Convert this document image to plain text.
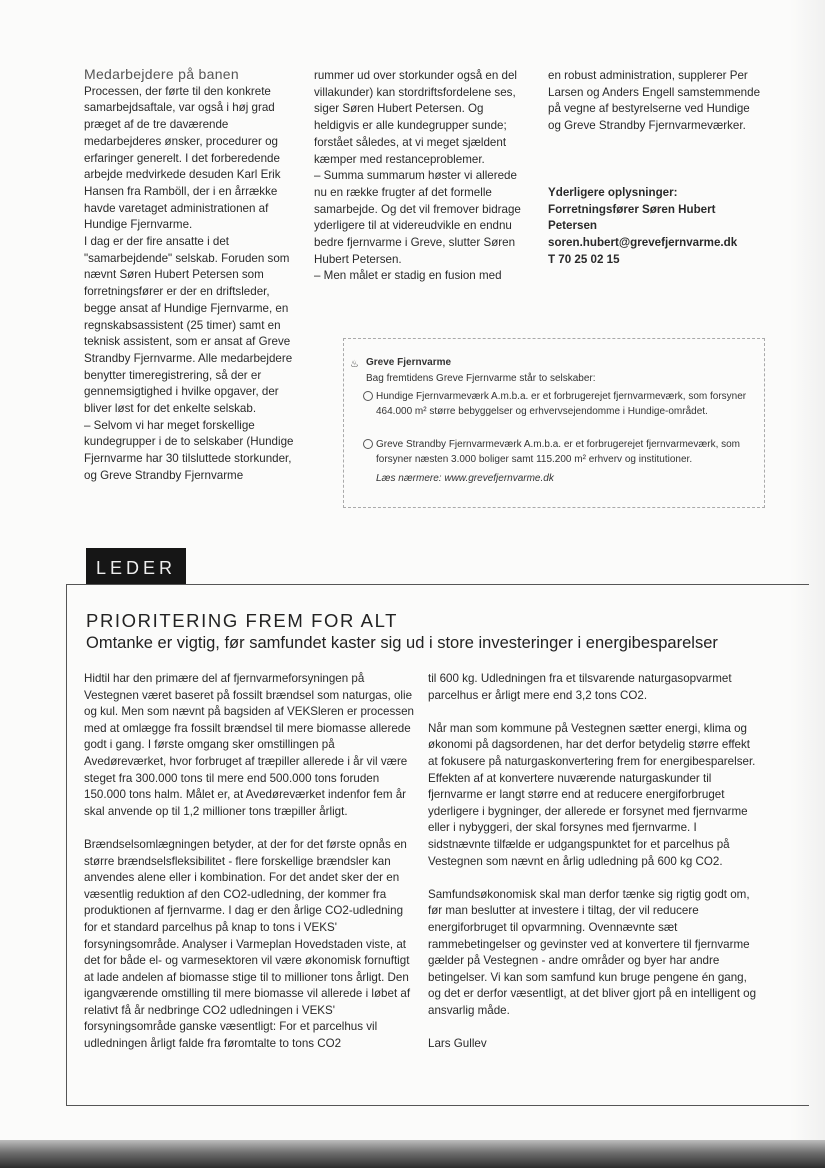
Medarbejdere på banen

Processen, der førte til den konkrete samarbejdsaftale, var også i høj grad præget af de tre daværende medarbejderes ønsker, procedurer og erfaringer generelt. I det forberedende arbejde medvirkede desuden Karl Erik Hansen fra Ramböll, der i en årrække havde varetaget administrationen af Hundige Fjernvarme.

I dag er der fire ansatte i det "samarbejdende" selskab. Foruden som nævnt Søren Hubert Petersen som forretningsfører er der en driftsleder, begge ansat af Hundige Fjernvarme, en regnskabsassistent (25 timer) samt en teknisk assistent, som er ansat af Greve Strandby Fjernvarme. Alle medarbejdere benytter timeregistrering, så der er gennemsigtighed i hvilke opgaver, der bliver løst for det enkelte selskab.

– Selvom vi har meget forskellige kundegrupper i de to selskaber (Hundige Fjernvarme har 30 tilsluttede storkunder, og Greve Strandby Fjernvarme

rummer ud over storkunder også en del villakunder) kan stordriftsfordelene ses, siger Søren Hubert Petersen. Og heldigvis er alle kundegrupper sunde; forstået således, at vi meget sjældent kæmper med restanceproblemer.

– Summa summarum høster vi allerede nu en række frugter af det formelle samarbejde. Og det vil fremover bidrage yderligere til at videreudvikle en endnu bedre fjernvarme i Greve, slutter Søren Hubert Petersen.

– Men målet er stadig en fusion med

en robust administration, supplerer Per Larsen og Anders Engell samstemmende på vegne af bestyrelserne ved Hundige og Greve Strandby Fjernvarmeværker.

Yderligere oplysninger:

Forretningsfører Søren Hubert Petersen

soren.hubert@grevefjernvarme.dk

T 70 25 02 15

♨ Greve Fjernvarme
Bag fremtidens Greve Fjernvarme står to selskaber:
Hundige Fjernvarmeværk A.m.b.a. er et forbrugerejet fjernvarmeværk, som forsyner 464.000 m² større bebyggelser og erhvervsejendomme i Hundige-området.
Greve Strandby Fjernvarmeværk A.m.b.a. er et forbrugerejet fjernvarmeværk, som forsyner næsten 3.000 boliger samt 115.200 m² erhverv og institutioner.
Læs nærmere: www.grevefjernvarme.dk
LEDER
PRIORITERING FREM FOR ALT
Omtanke er vigtig, før samfundet kaster sig ud i store investeringer i energibesparelser

Hidtil har den primære del af fjernvarmeforsyningen på Vestegnen været baseret på fossilt brændsel som naturgas, olie og kul. Men som nævnt på bagsiden af VEKSleren er processen med at omlægge fra fossilt brændsel til mere biomasse allerede godt i gang. I første omgang sker omstillingen på Avedøreværket, hvor forbruget af træpiller allerede i år vil være steget fra 300.000 tons til mere end 500.000 tons foruden 150.000 tons halm. Målet er, at Avedøreværket indenfor fem år skal anvende op til 1,2 millioner tons træpiller årligt.

Brændselsomlægningen betyder, at der for det første opnås en større brændselsfleksibilitet - flere forskellige brændsler kan anvendes alene eller i kombination. For det andet sker der en væsentlig reduktion af den CO2-udledning, der kommer fra produktionen af fjernvarme. I dag er den årlige CO2-udledning for et standard parcelhus på knap to tons i VEKS' forsyningsområde. Analyser i Varmeplan Hovedstaden viste, at det for både el- og varmesektoren vil være økonomisk fornuftigt at lade andelen af biomasse stige til to millioner tons årligt. Den igangværende omstilling til mere biomasse vil allerede i løbet af relativt få år nedbringe CO2 udledningen i VEKS' forsyningsområde ganske væsentligt: For et parcelhus vil udledningen årligt falde fra føromtalte to tons CO2

til 600 kg. Udledningen fra et tilsvarende naturgasopvarmet parcelhus er årligt mere end 3,2 tons CO2.

Når man som kommune på Vestegnen sætter energi, klima og økonomi på dagsordenen, har det derfor betydelig større effekt at fokusere på naturgaskonvertering frem for energibesparelser. Effekten af at konvertere nuværende naturgaskunder til fjernvarme er langt større end at reducere energiforbruget yderligere i bygninger, der allerede er forsynet med fjernvarme eller i nybyggeri, der skal forsynes med fjernvarme. I sidstnævnte tilfælde er udgangspunktet for et parcelhus på Vestegnen som nævnt en årlig udledning på 600 kg CO2.

Samfundsøkonomisk skal man derfor tænke sig rigtig godt om, før man beslutter at investere i tiltag, der vil reducere energiforbruget til opvarmning. Ovennævnte sæt rammebetingelser og gevinster ved at konvertere til fjernvarme gælder på Vestegnen - andre områder og byer har andre betingelser. Vi kan som samfund kun bruge pengene én gang, og det er derfor væsentligt, at det bliver gjort på en intelligent og ansvarlig måde.

Lars Gullev
